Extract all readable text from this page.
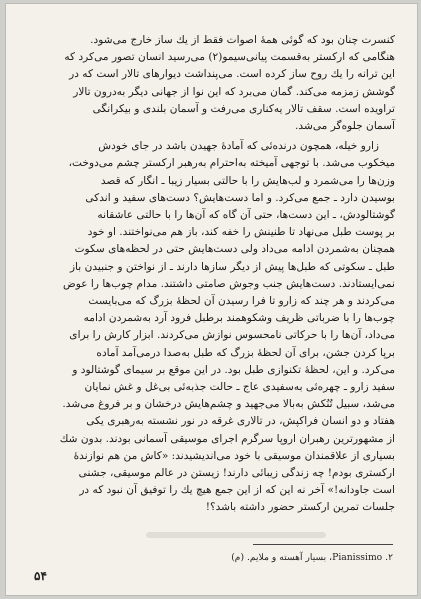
کنسرت چنان بود که گوئی همهٔ اصوات فقط از یك ساز خارج می‌شود.

هنگامی که ارکستر به‌قسمت پیانی‌سیمو‎(۲)‎ می‌رسید انسان تصور می‌کرد که

این ترانه را یك روح ساز کرده است. می‌پنداشت دیوارهای تالار است که در

گوشش زمزمه می‌کند. گمان می‌برد که این نوا از جهانی دیگر به‌درون تالار

تراویده است. سقف تالار یه‌کناری می‌رفت و آسمان بلندی و بیکرانگی

آسمان جلوه‌گر می‌شد.

زارو خیله، همچون درنده‌ئی که آمادهٔ جهیدن باشد در جای خودش

میخکوب می‌شد. با توجهی آمیخته به‌احترام به‌رهبر ارکستر چشم می‌دوخت،

وزن‌ها را می‌شمرد و لب‌هایش را با حالتی بسیار زیبا ـ انگار که قصد

بوسیدن دارد ـ جمع می‌کرد. و اما دست‌هایش؟ دست‌های سفید و اندکی

گوشتالودش، ـ این دست‌ها، حتی آن گاه که آن‌ها را با حالتی عاشقانه

بر پوست طبل می‌نهاد تا طنینش را خفه کند، باز هم می‌نواختند. او خود

همچنان به‌شمردن ادامه می‌داد ولی دست‌هایش حتی در لحظه‌های سکوت

طبل ـ سکوتی که طبل‌ها پیش از دیگر سازها دارند ـ از نواختن و جنبیدن باز

نمی‌ایستادند. دست‌هایش جنب وجوش صامتی داشتند. مدام چوب‌ها را عوض

می‌کردند و هر چند که زارو تا فرا رسیدن آن لحظهٔ بزرگ که می‌بایست

چوب‌ها را با ضرباتی ظریف وشکوهمند برطبل فرود آرد به‌شمردن ادامه

می‌داد، آن‌ها را با حرکاتی نامحسوس نوازش می‌کردند. ابزار کارش را برای

برپا کردن جشن، برای آن لحظهٔ بزرگ که طبل به‌صدا درمی‌آمد آماده

می‌کرد. و این، لحظهٔ تکنوازی طبل بود. در این موقع بر سیمای گوشتالود و

سفید زارو ـ چهره‌ئی به‌سفیدی عاج ـ حالت جذبه‌ئی بی‌غل و غش نمایان

می‌شد، سبیل تُنُکش به‌بالا می‌جهید و چشم‌هایش درخشان و بر فروغ می‌شد.

هفتاد و دو انسان فراکپش، در تالاری غرقه در نور نشسته به‌رهبری یکی

از مشهورترین رهبران اروپا سرگرم اجرای موسیقی آسمانی بودند. بدون شك

بسیاری از علاقمندان موسیقی با خود می‌اندیشیدند: «کاش من هم نوازندهٔ

ارکستری بودم! چه زندگی زیبائی دارند! زیستن در عالم موسیقی، جشنی

است جاودانه!» آخر نه این که از این جمع هیچ یك را توفیق آن نبود که در

جلسات تمرین ارکستر حضور داشته باشد؟!

۲. Pianissimo، بسیار آهسته و ملایم. (م)
۵۴
